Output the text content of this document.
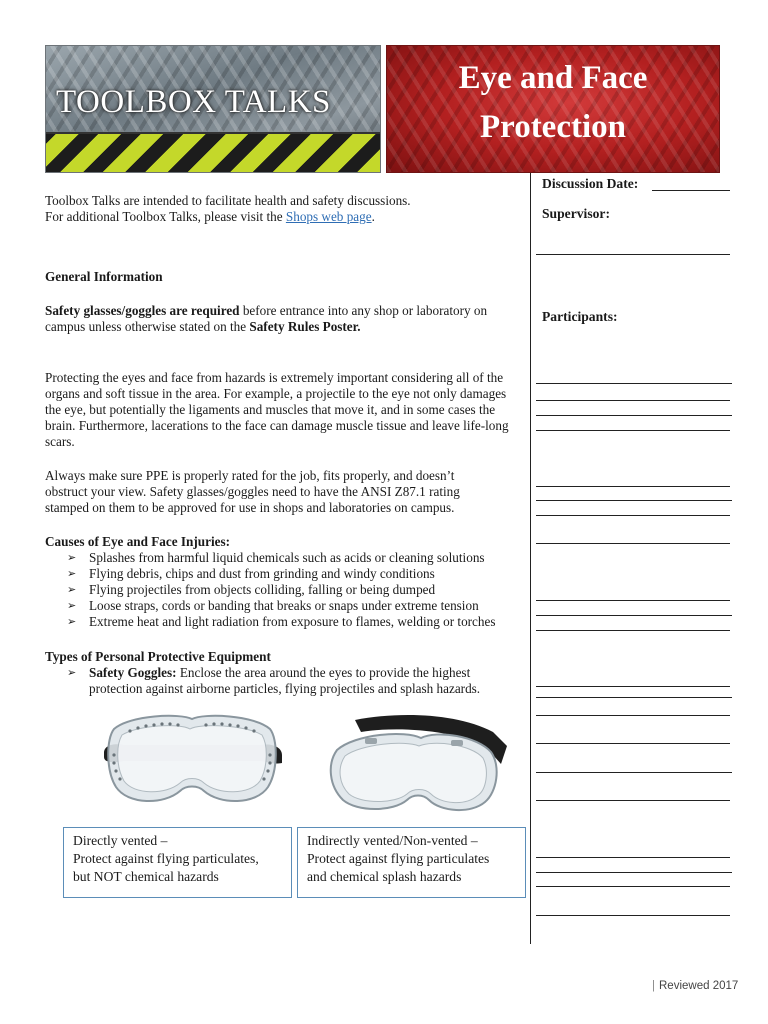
TOOLBOX TALKS
Eye and Face
Protection
Discussion Date:
Supervisor:
Participants:
Toolbox Talks are intended to facilitate health and safety discussions.
For additional Toolbox Talks, please visit the Shops web page.
General Information
Safety glasses/goggles are required before entrance into any shop or laboratory on campus unless otherwise stated on the Safety Rules Poster.
Protecting the eyes and face from hazards is extremely important considering all of the organs and soft tissue in the area. For example, a projectile to the eye not only damages the eye, but potentially the ligaments and muscles that move it, and in some cases the brain. Furthermore, lacerations to the face can damage muscle tissue and leave life-long scars.
Always make sure PPE is properly rated for the job, fits properly, and doesn’t obstruct your view. Safety glasses/goggles need to have the ANSI Z87.1 rating stamped on them to be approved for use in shops and laboratories on campus.
Causes of Eye and Face Injuries:
➢ Splashes from harmful liquid chemicals such as acids or cleaning solutions
➢ Flying debris, chips and dust from grinding and windy conditions
➢ Flying projectiles from objects colliding, falling or being dumped
➢ Loose straps, cords or banding that breaks or snaps under extreme tension
➢ Extreme heat and light radiation from exposure to flames, welding or torches
Types of Personal Protective Equipment
➢ Safety Goggles: Enclose the area around the eyes to provide the highest protection against airborne particles, flying projectiles and splash hazards.
Directly vented –
Protect against flying particulates,
but NOT chemical hazards
Indirectly vented/Non-vented –
Protect against flying particulates
and chemical splash hazards
| Reviewed 2017
